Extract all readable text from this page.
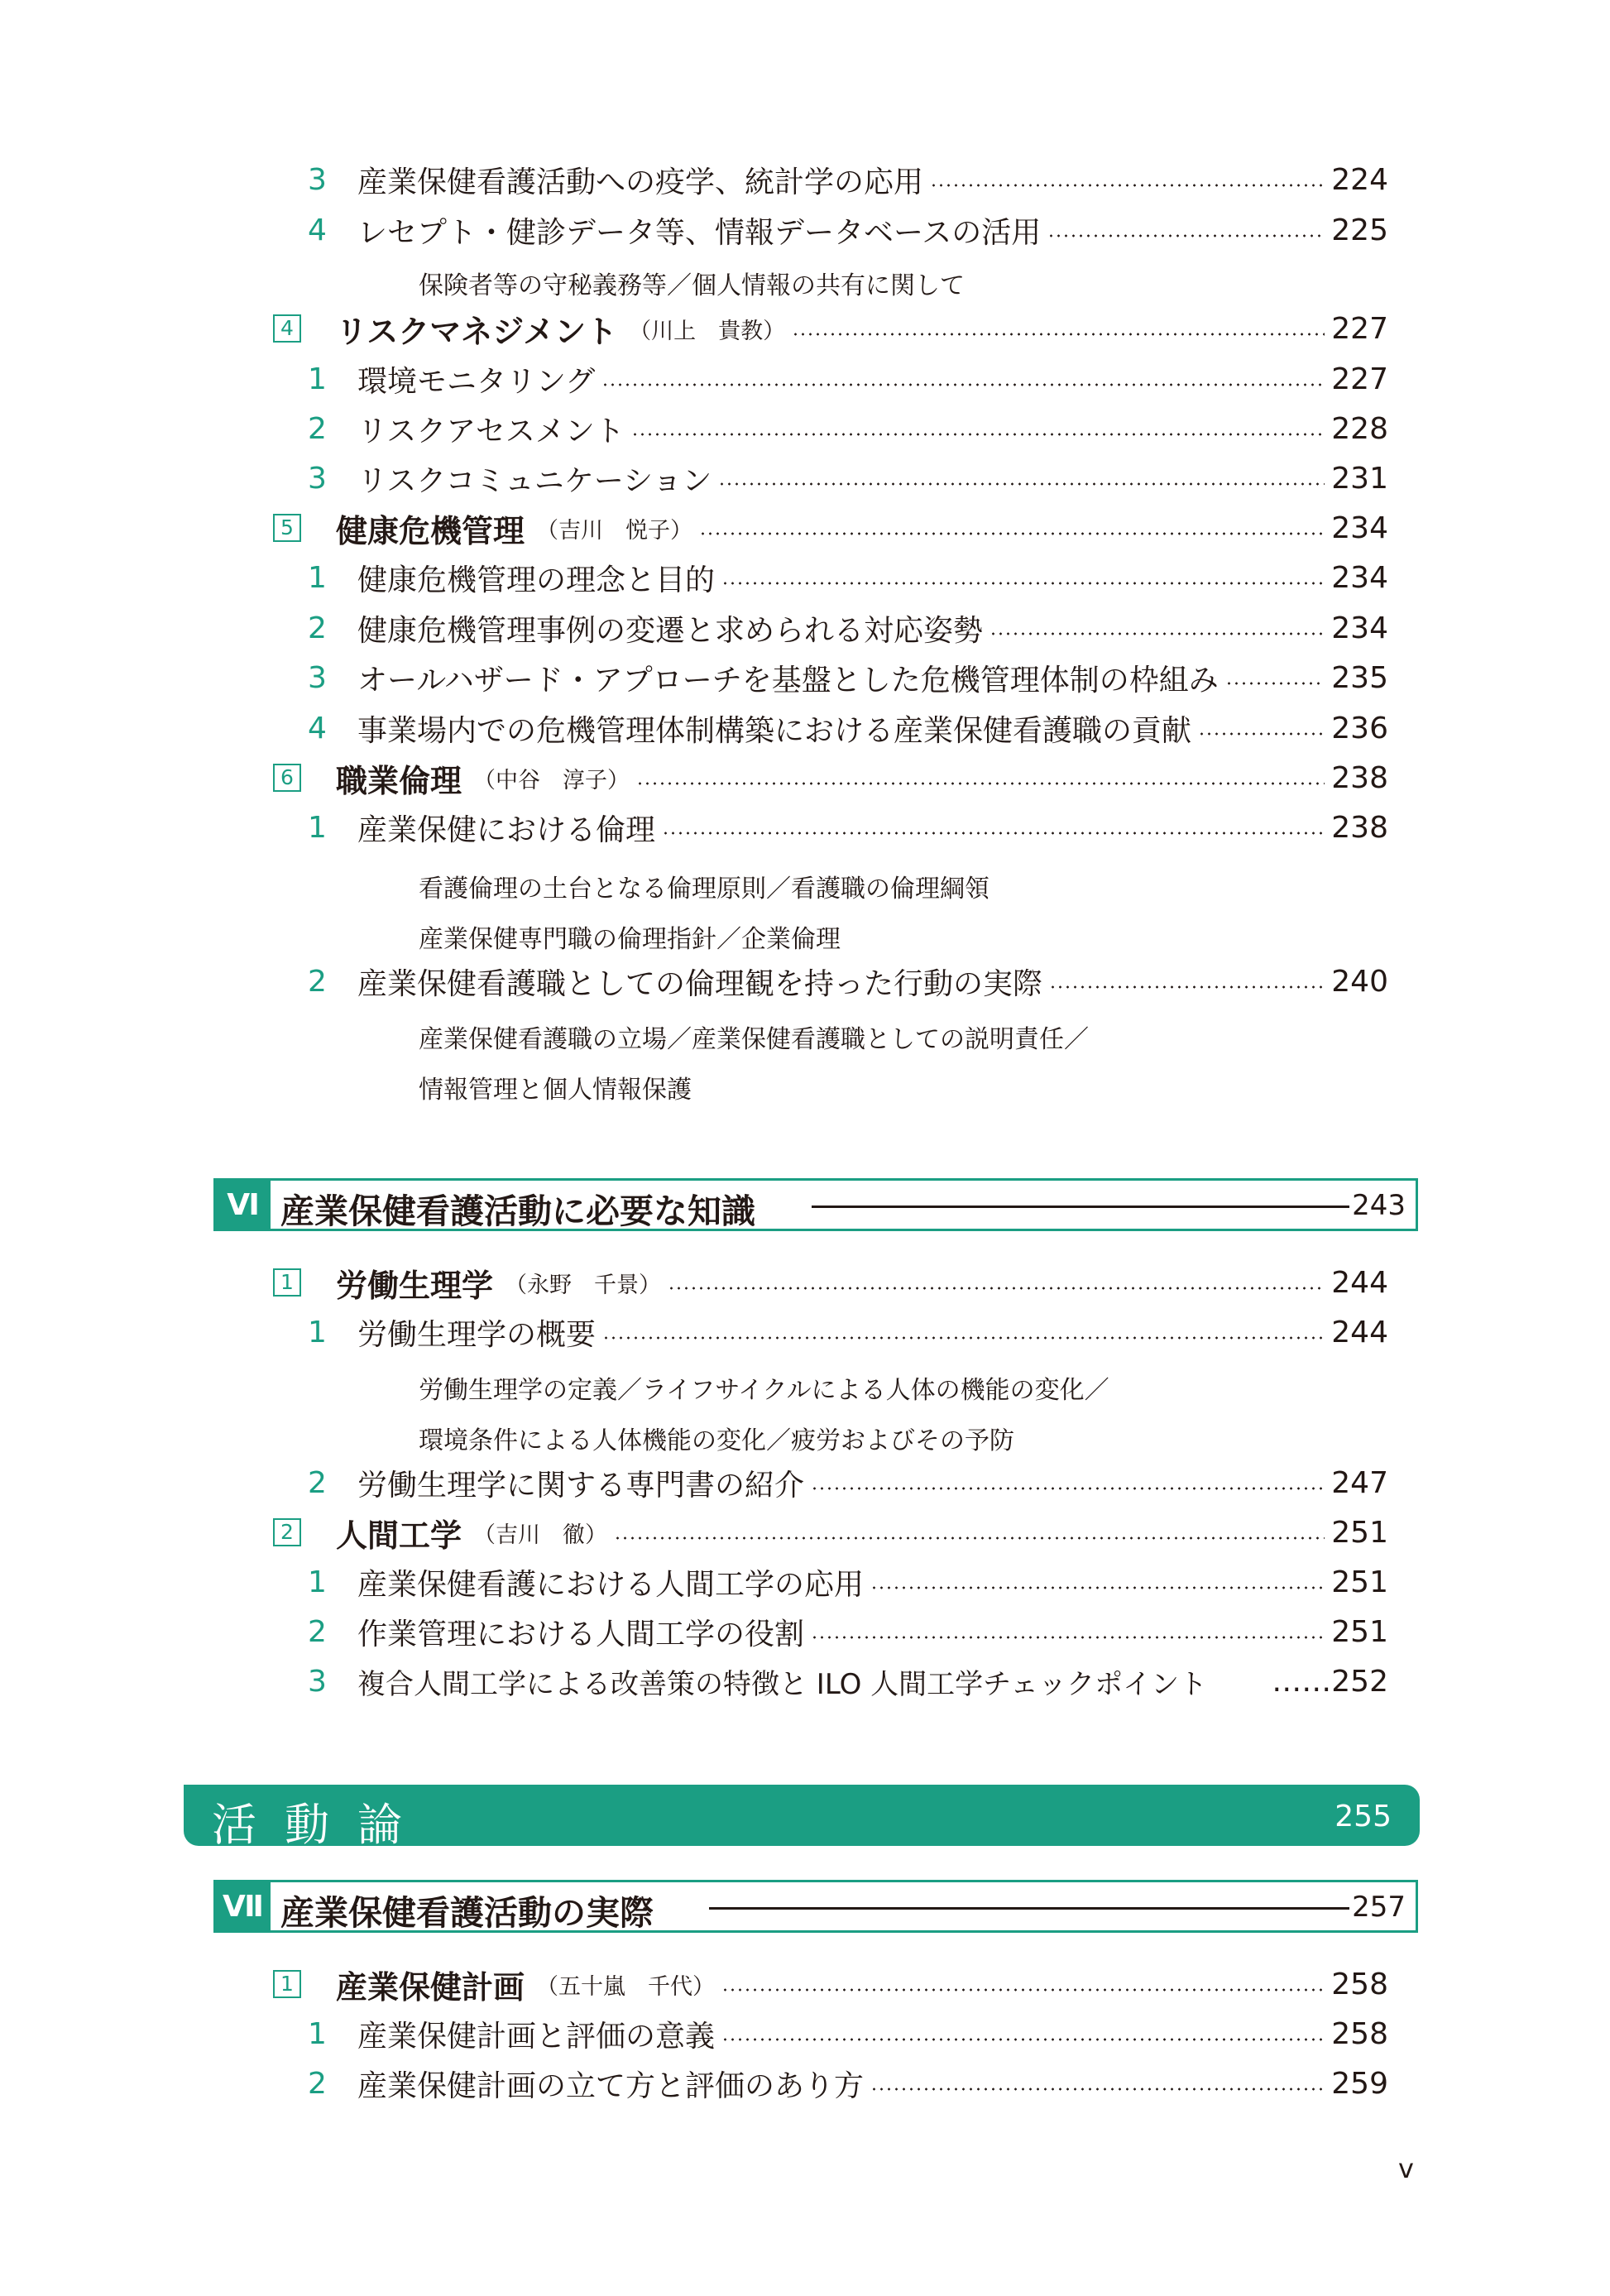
3	産業保健看護活動への疫学、統計学の応用	224
4	レセプト・健診データ等、情報データベースの活用	225
保険者等の守秘義務等／個人情報の共有に関して
4 リスクマネジメント （川上　貴教）	227
1	環境モニタリング	227
2	リスクアセスメント	228
3	リスクコミュニケーション	231
5 健康危機管理 （吉川　悦子）	234
1	健康危機管理の理念と目的	234
2	健康危機管理事例の変遷と求められる対応姿勢	234
3	オールハザード・アプローチを基盤とした危機管理体制の枠組み	235
4	事業場内での危機管理体制構築における産業保健看護職の貢献	236
6 職業倫理 （中谷　淳子）	238
1	産業保健における倫理	238
看護倫理の土台となる倫理原則／看護職の倫理綱領
産業保健専門職の倫理指針／企業倫理
2	産業保健看護職としての倫理観を持った行動の実際	240
産業保健看護職の立場／産業保健看護職としての説明責任／
情報管理と個人情報保護
Ⅵ 産業保健看護活動に必要な知識	243
1 労働生理学 （永野　千景）	244
1	労働生理学の概要	244
労働生理学の定義／ライフサイクルによる人体の機能の変化／
環境条件による人体機能の変化／疲労およびその予防
2	労働生理学に関する専門書の紹介	247
2 人間工学 （吉川　徹）	251
1	産業保健看護における人間工学の応用	251
2	作業管理における人間工学の役割	251
3	複合人間工学による改善策の特徴と ILO 人間工学チェックポイント …… 252
活動論	255
Ⅶ 産業保健看護活動の実際	257
1 産業保健計画 （五十嵐　千代）	258
1	産業保健計画と評価の意義	258
2	産業保健計画の立て方と評価のあり方	259
v
